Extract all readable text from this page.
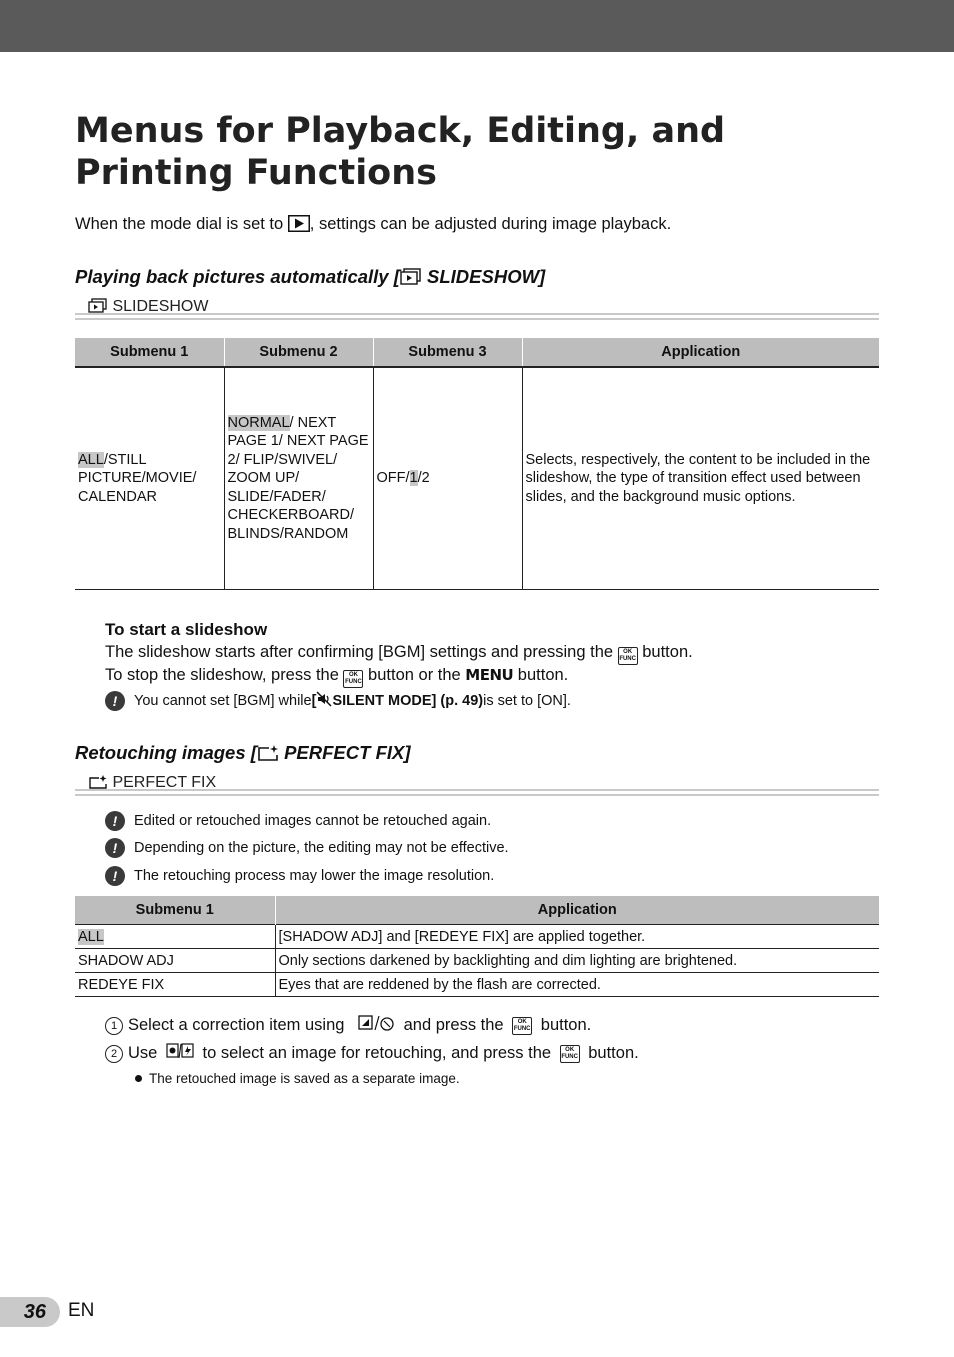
Menus for Playback, Editing, and Printing Functions
When the mode dial is set to , settings can be adjusted during image playback.
Playing back pictures automatically [ SLIDESHOW]
SLIDESHOW
Submenu 1	Submenu 2	Submenu 3	Application
ALL/STILL PICTURE/MOVIE/ CALENDAR	NORMAL/ NEXT PAGE 1/ NEXT PAGE 2/ FLIP/SWIVEL/ ZOOM UP/ SLIDE/FADER/ CHECKERBOARD/ BLINDS/RANDOM	OFF/1/2	Selects, respectively, the content to be included in the slideshow, the type of transition effect used between slides, and the background music options.
To start a slideshow
The slideshow starts after confirming [BGM] settings and pressing the OK
FUNC button.
To stop the slideshow, press the OK
FUNC button or the MENU button.
!	You cannot set [BGM] while [ SILENT MODE] (p. 49) is set to [ON].
Retouching images [ PERFECT FIX]
PERFECT FIX
!	Edited or retouched images cannot be retouched again.
!	Depending on the picture, the editing may not be effective.
!	The retouching process may lower the image resolution.
Submenu 1	Application
ALL	[SHADOW ADJ] and [REDEYE FIX] are applied together.
SHADOW ADJ	Only sections darkened by backlighting and dim lighting are brightened.
REDEYE FIX	Eyes that are reddened by the flash are corrected.
1 Select a correction item using	and press the	OK
FUNC button.
2 Use to select an image for retouching, and press the	OK
FUNC button.
The retouched image is saved as a separate image.
36	EN
